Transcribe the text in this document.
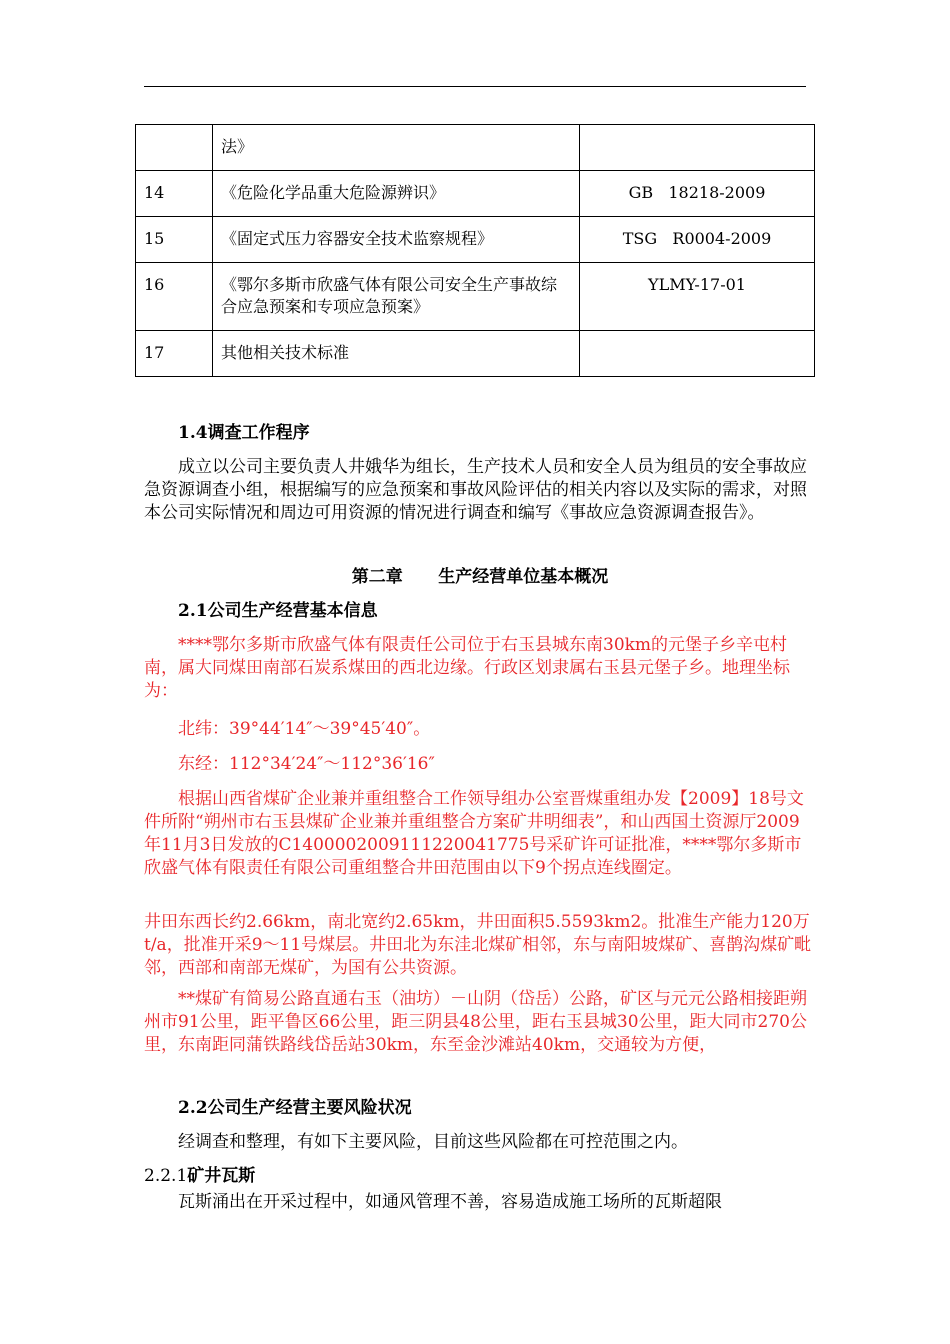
	法》	
14	《危险化学品重大危险源辨识》	GB   18218-2009
15	《固定式压力容器安全技术监察规程》	TSG   R0004-2009
16	《鄂尔多斯市欣盛气体有限公司安全生产事故综合应急预案和专项应急预案》	YLMY-17-01
17	其他相关技术标准	

1.4调查工作程序

成立以公司主要负责人井娥华为组长，生产技术人员和安全人员为组员的安全事故应急资源调查小组，根据编写的应急预案和事故风险评估的相关内容以及实际的需求，对照本公司实际情况和周边可用资源的情况进行调查和编写《事故应急资源调查报告》。

第二章      生产经营单位基本概况

2.1公司生产经营基本信息

****鄂尔多斯市欣盛气体有限责任公司位于右玉县城东南30km的元堡子乡辛屯村南，属大同煤田南部石炭系煤田的西北边缘。行政区划隶属右玉县元堡子乡。地理坐标为：

北纬：39°44′14″～39°45′40″。

东经：112°34′24″～112°36′16″

根据山西省煤矿企业兼并重组整合工作领导组办公室晋煤重组办发【2009】18号文件所附“朔州市右玉县煤矿企业兼并重组整合方案矿井明细表”，和山西国土资源厅2009年11月3日发放的C1400002009111220041775号采矿许可证批准，****鄂尔多斯市欣盛气体有限责任有限公司重组整合井田范围由以下9个拐点连线圈定。

井田东西长约2.66km，南北宽约2.65km，井田面积5.5593km2。批准生产能力120万t/a，批准开采9～11号煤层。井田北为东洼北煤矿相邻，东与南阳坡煤矿、喜鹊沟煤矿毗邻，西部和南部无煤矿，为国有公共资源。

**煤矿有简易公路直通右玉（油坊）－山阴（岱岳）公路，矿区与元元公路相接距朔州市91公里，距平鲁区66公里，距三阴县48公里，距右玉县城30公里，距大同市270公里，东南距同蒲铁路线岱岳站30km，东至金沙滩站40km，交通较为方便，

2.2公司生产经营主要风险状况

经调查和整理，有如下主要风险，目前这些风险都在可控范围之内。

2.2.1矿井瓦斯

瓦斯涌出在开采过程中，如通风管理不善，容易造成施工场所的瓦斯超限
